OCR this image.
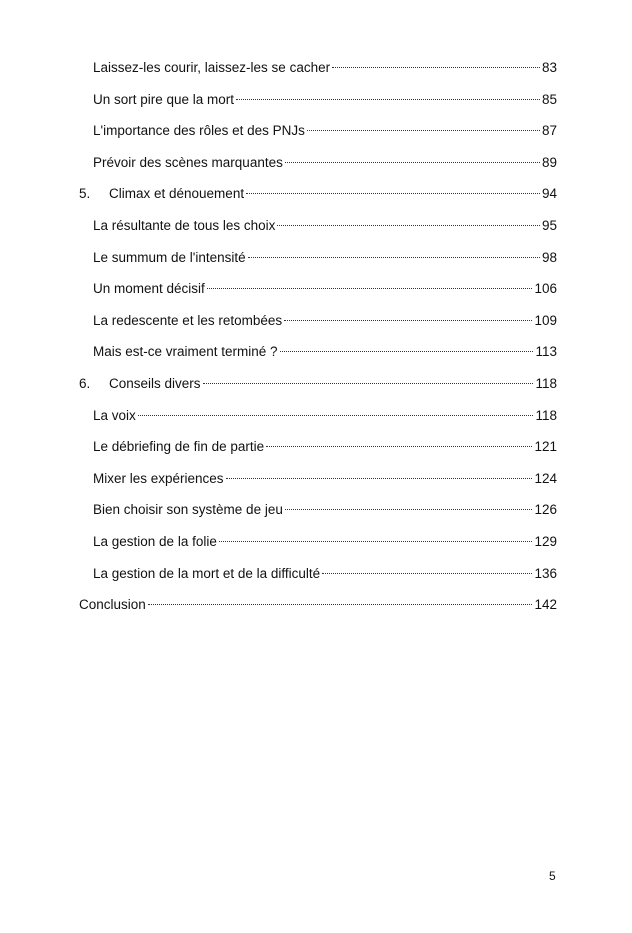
Laissez-les courir, laissez-les se cacher	83
Un sort pire que la mort	85
L'importance des rôles et des PNJs	87
Prévoir des scènes marquantes	89
5.	Climax et dénouement	94
La résultante de tous les choix	95
Le summum de l'intensité	98
Un moment décisif	106
La redescente et les retombées	109
Mais est-ce vraiment terminé ?	113
6.	Conseils divers	118
La voix	118
Le débriefing de fin de partie	121
Mixer les expériences	124
Bien choisir son système de jeu	126
La gestion de la folie	129
La gestion de la mort et de la difficulté	136
Conclusion	142
5
